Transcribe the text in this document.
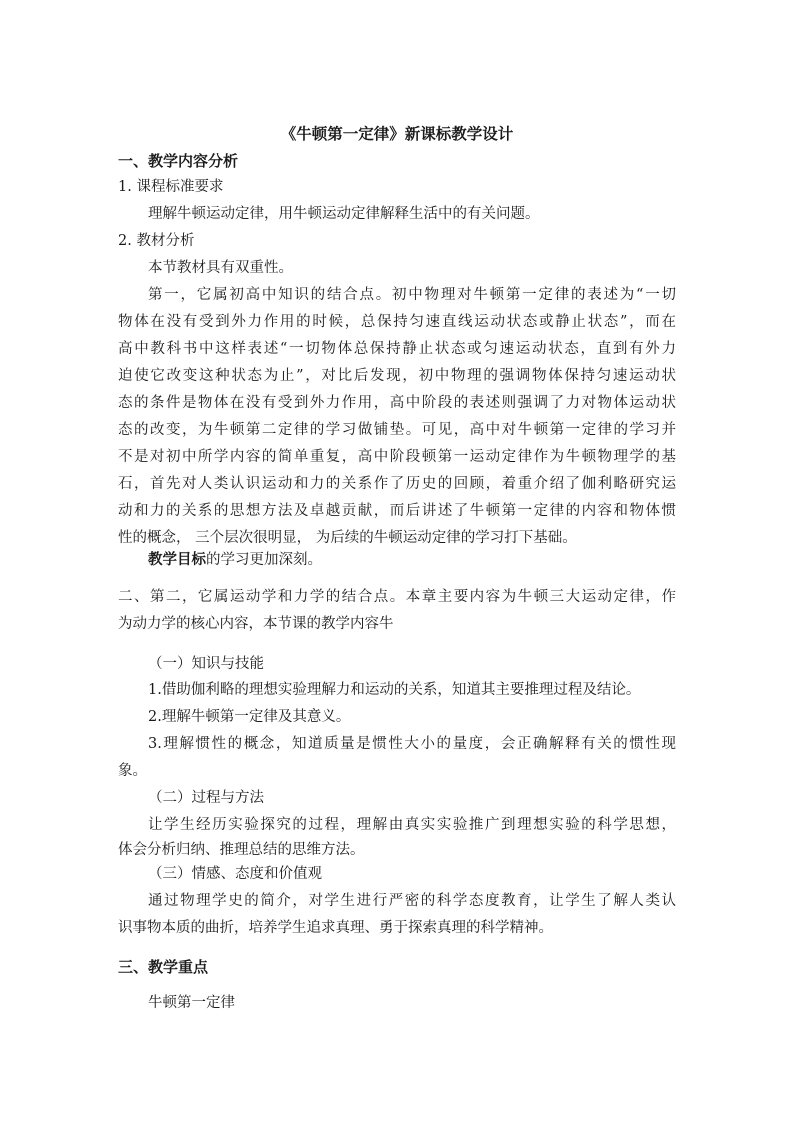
《牛顿第一定律》新课标教学设计
一、教学内容分析
1. 课程标准要求
理解牛顿运动定律，用牛顿运动定律解释生活中的有关问题。
2. 教材分析
本节教材具有双重性。
第一，它属初高中知识的结合点。初中物理对牛顿第一定律的表述为“一切
物体在没有受到外力作用的时候，总保持匀速直线运动状态或静止状态”，而在
高中教科书中这样表述“一切物体总保持静止状态或匀速运动状态，直到有外力
迫使它改变这种状态为止”，对比后发现，初中物理的强调物体保持匀速运动状
态的条件是物体在没有受到外力作用，高中阶段的表述则强调了力对物体运动状
态的改变，为牛顿第二定律的学习做铺垫。可见，高中对牛顿第一定律的学习并
不是对初中所学内容的简单重复，高中阶段顿第一运动定律作为牛顿物理学的基
石，首先对人类认识运动和力的关系作了历史的回顾，着重介绍了伽利略研究运
动和力的关系的思想方法及卓越贡献，而后讲述了牛顿第一定律的内容和物体惯
性的概念， 三个层次很明显， 为后续的牛顿运动定律的学习打下基础。
教学目标的学习更加深刻。
二、第二，它属运动学和力学的结合点。本章主要内容为牛顿三大运动定律，作
为动力学的核心内容，本节课的教学内容牛
（一）知识与技能
1.借助伽利略的理想实验理解力和运动的关系，知道其主要推理过程及结论。
2.理解牛顿第一定律及其意义。
3.理解惯性的概念，知道质量是惯性大小的量度，会正确解释有关的惯性现
象。
（二）过程与方法
让学生经历实验探究的过程，理解由真实实验推广到理想实验的科学思想，
体会分析归纳、推理总结的思维方法。
（三）情感、态度和价值观
通过物理学史的简介，对学生进行严密的科学态度教育，让学生了解人类认
识事物本质的曲折，培养学生追求真理、勇于探索真理的科学精神。
三、教学重点
牛顿第一定律
